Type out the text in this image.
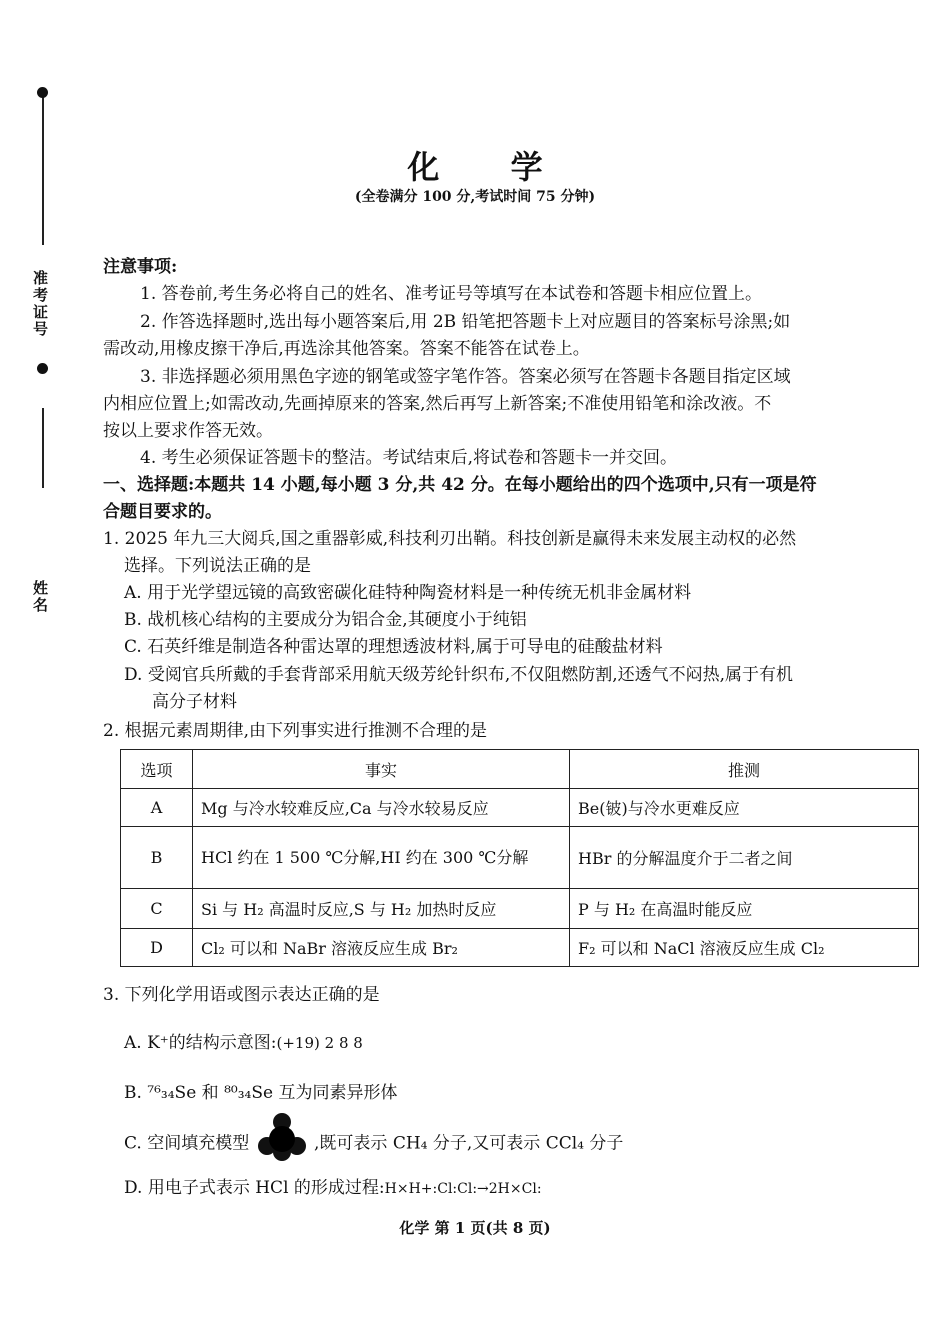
准考证号
姓名
化 学
(全卷满分 100 分,考试时间 75 分钟)
注意事项:
1. 答卷前,考生务必将自己的姓名、准考证号等填写在本试卷和答题卡相应位置上。
2. 作答选择题时,选出每小题答案后,用 2B 铅笔把答题卡上对应题目的答案标号涂黑;如
需改动,用橡皮擦干净后,再选涂其他答案。答案不能答在试卷上。
3. 非选择题必须用黑色字迹的钢笔或签字笔作答。答案必须写在答题卡各题目指定区域
内相应位置上;如需改动,先画掉原来的答案,然后再写上新答案;不准使用铅笔和涂改液。不
按以上要求作答无效。
4. 考生必须保证答题卡的整洁。考试结束后,将试卷和答题卡一并交回。
一、选择题:本题共 14 小题,每小题 3 分,共 42 分。在每小题给出的四个选项中,只有一项是符
合题目要求的。
1. 2025 年九三大阅兵,国之重器彰威,科技利刃出鞘。科技创新是赢得未来发展主动权的必然
选择。下列说法正确的是
A. 用于光学望远镜的高致密碳化硅特种陶瓷材料是一种传统无机非金属材料
B. 战机核心结构的主要成分为铝合金,其硬度小于纯铝
C. 石英纤维是制造各种雷达罩的理想透波材料,属于可导电的硅酸盐材料
D. 受阅官兵所戴的手套背部采用航天级芳纶针织布,不仅阻燃防割,还透气不闷热,属于有机
高分子材料
2. 根据元素周期律,由下列事实进行推测不合理的是
选项	事实	推测
A	Mg 与冷水较难反应,Ca 与冷水较易反应	Be(铍)与冷水更难反应
B	HCl 约在 1 500 ℃分解,HI 约在 300 ℃分解	HBr 的分解温度介于二者之间
C	Si 与 H₂ 高温时反应,S 与 H₂ 加热时反应	P 与 H₂ 在高温时能反应
D	Cl₂ 可以和 NaBr 溶液反应生成 Br₂	F₂ 可以和 NaCl 溶液反应生成 Cl₂
3. 下列化学用语或图示表达正确的是
A. K⁺的结构示意图:(+19) 2 8 8
B. ⁷⁶₃₄Se 和 ⁸⁰₃₄Se 互为同素异形体
C. 空间填充模型	,既可表示 CH₄ 分子,又可表示 CCl₄ 分子
D. 用电子式表示 HCl 的形成过程:H×H+:Cl:Cl:→2H×Cl:
化学 第 1 页(共 8 页)
